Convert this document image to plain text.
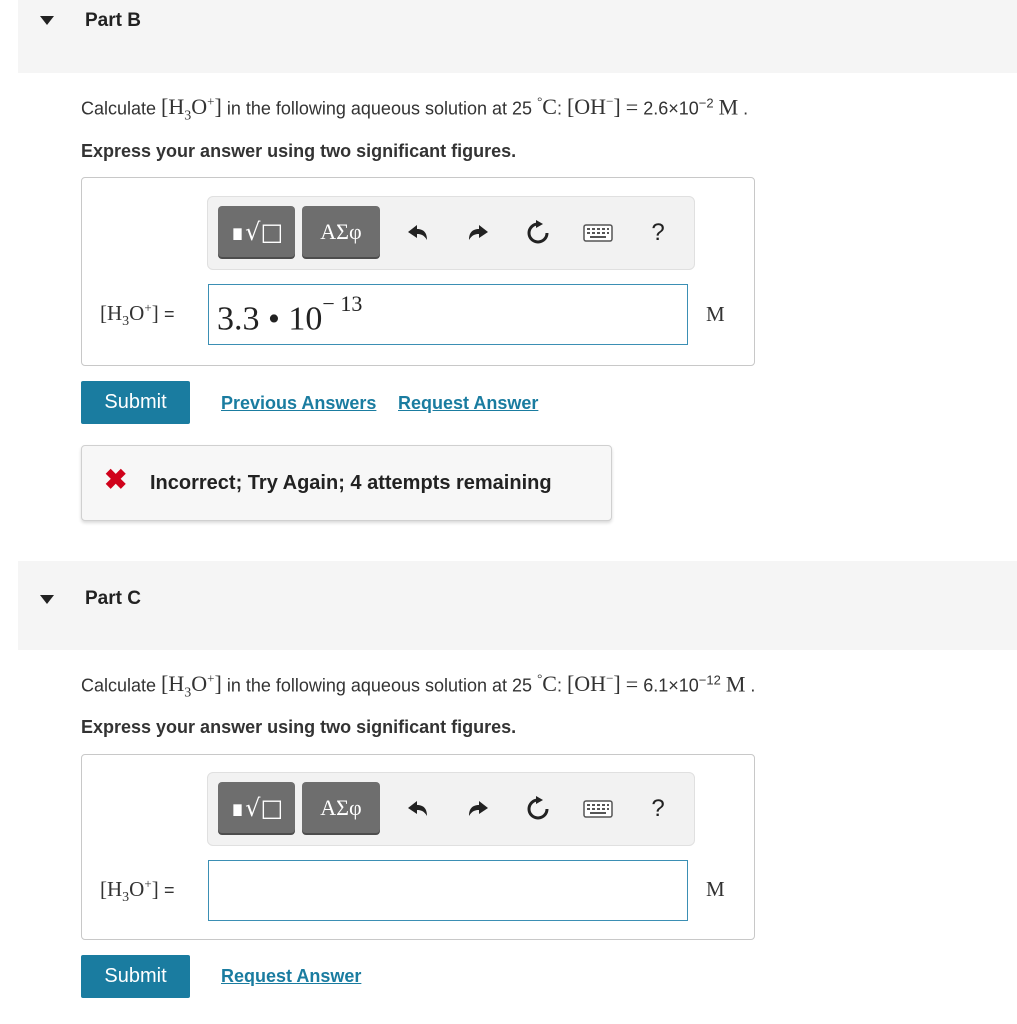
Part B
Calculate $[H_3O^+]$ in the following aqueous solution at 25 °C: $[OH^-] = 2.6\times 10^{-2}$ M .
Express your answer using two significant figures.
∎√□ ΑΣφ	?
$[H_3O^+] = 3.3$ • $10^{- 13}$	M
Submit	Previous Answers Request Answer
✖ Incorrect; Try Again; 4 attempts remaining
Part C
Calculate $[H_3O^+]$ in the following aqueous solution at 25 °C: $[OH^-] = 6.1\times 10^{-12}$ M .
Express your answer using two significant figures.
∎√□ ΑΣφ	?
$[H_3O^+]$ =	M
Submit	Request Answer
